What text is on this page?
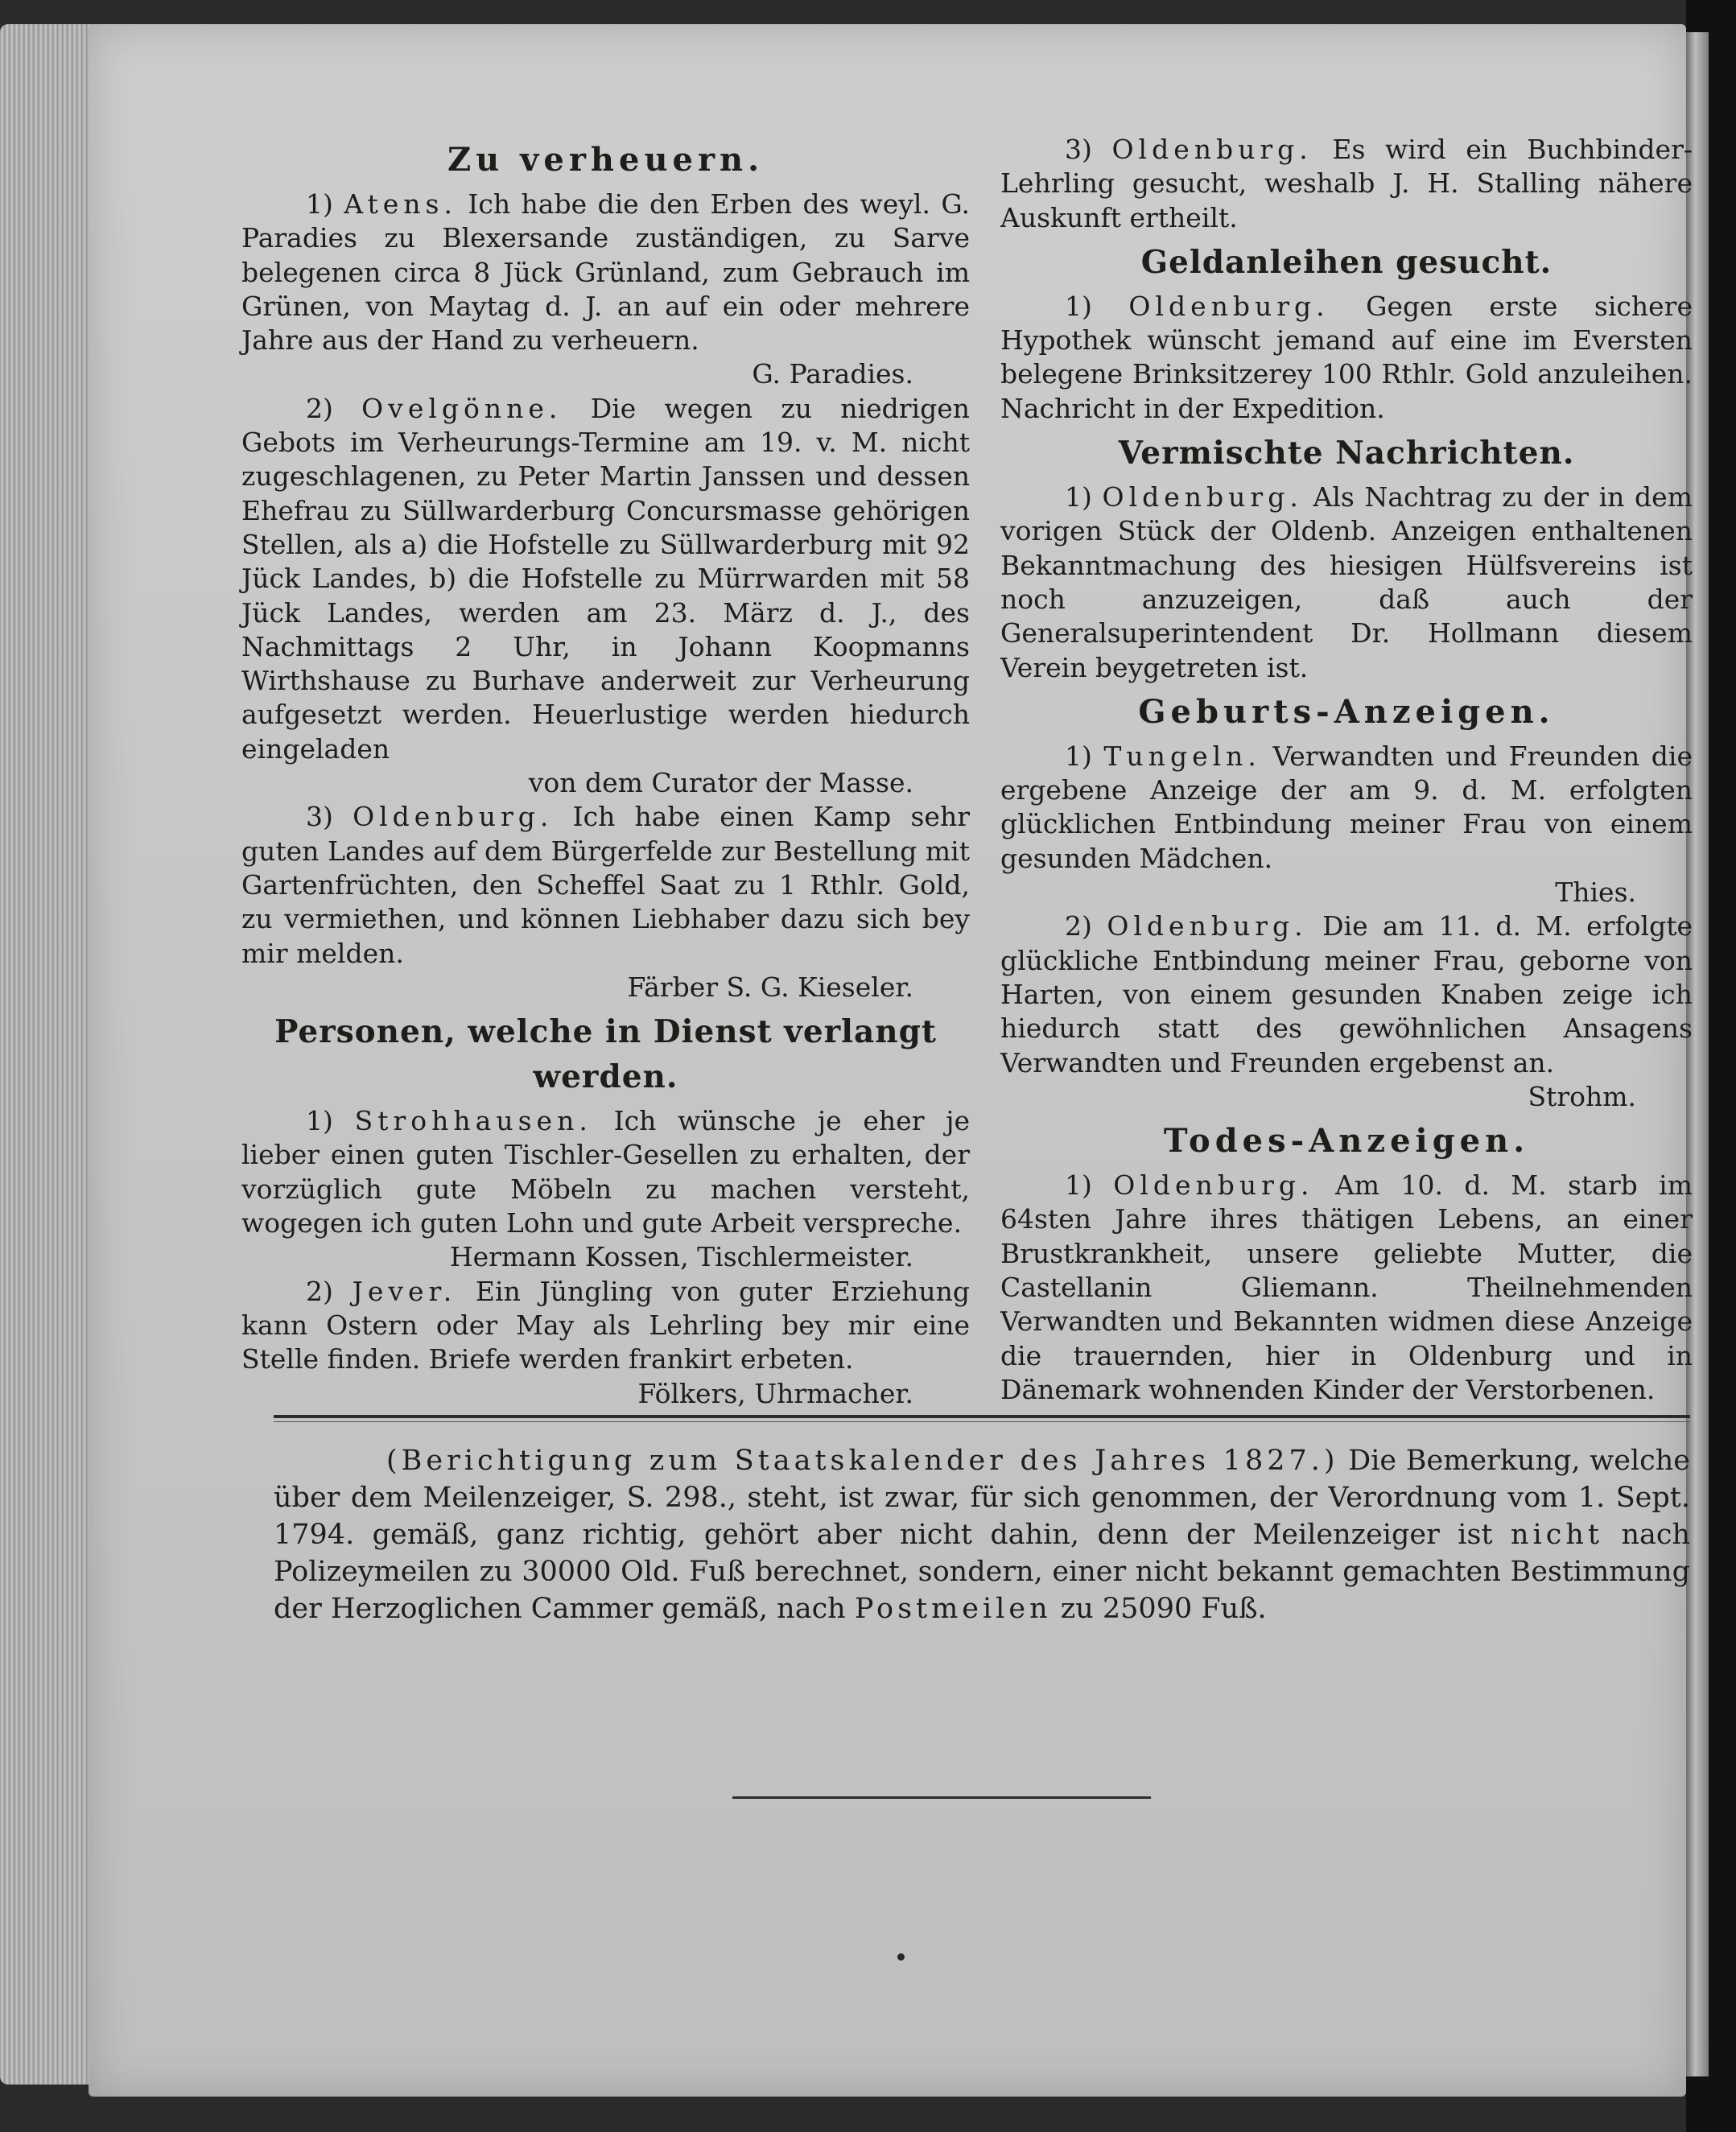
Zu verheuern.

1) Atens. Ich habe die den Erben des weyl. G. Paradies zu Blexersande zuständigen, zu Sarve belegenen circa 8 Jück Grünland, zum Gebrauch im Grünen, von Maytag d. J. an auf ein oder mehrere Jahre aus der Hand zu verheuern.
G. Paradies.

2) Ovelgönne. Die wegen zu niedrigen Gebots im Verheurungs-Termine am 19. v. M. nicht zugeschlagenen, zu Peter Martin Janssen und dessen Ehefrau zu Süllwarderburg Concursmasse gehörigen Stellen, als a) die Hofstelle zu Süllwarderburg mit 92 Jück Landes, b) die Hofstelle zu Mürrwarden mit 58 Jück Landes, werden am 23. März d. J., des Nachmittags 2 Uhr, in Johann Koopmanns Wirthshause zu Burhave anderweit zur Verheurung aufgesetzt werden. Heuerlustige werden hiedurch eingeladen
von dem Curator der Masse.

3) Oldenburg. Ich habe einen Kamp sehr guten Landes auf dem Bürgerfelde zur Bestellung mit Gartenfrüchten, den Scheffel Saat zu 1 Rthlr. Gold, zu vermiethen, und können Liebhaber dazu sich bey mir melden.
Färber S. G. Kieseler.

Personen, welche in Dienst verlangt werden.

1) Strohhausen. Ich wünsche je eher je lieber einen guten Tischler-Gesellen zu erhalten, der vorzüglich gute Möbeln zu machen versteht, wogegen ich guten Lohn und gute Arbeit verspreche.
Hermann Kossen, Tischlermeister.

2) Jever. Ein Jüngling von guter Erziehung kann Ostern oder May als Lehrling bey mir eine Stelle finden. Briefe werden frankirt erbeten.
Fölkers, Uhrmacher.

3) Oldenburg. Es wird ein Buchbinder-Lehrling gesucht, weshalb J. H. Stalling nähere Auskunft ertheilt.

Geldanleihen gesucht.

1) Oldenburg. Gegen erste sichere Hypothek wünscht jemand auf eine im Eversten belegene Brinksitzerey 100 Rthlr. Gold anzuleihen. Nachricht in der Expedition.

Vermischte Nachrichten.

1) Oldenburg. Als Nachtrag zu der in dem vorigen Stück der Oldenb. Anzeigen enthaltenen Bekanntmachung des hiesigen Hülfsvereins ist noch anzuzeigen, daß auch der Generalsuperintendent Dr. Hollmann diesem Verein beygetreten ist.

Geburts-Anzeigen.

1) Tungeln. Verwandten und Freunden die ergebene Anzeige der am 9. d. M. erfolgten glücklichen Entbindung meiner Frau von einem gesunden Mädchen.
Thies.

2) Oldenburg. Die am 11. d. M. erfolgte glückliche Entbindung meiner Frau, geborne von Harten, von einem gesunden Knaben zeige ich hiedurch statt des gewöhnlichen Ansagens Verwandten und Freunden ergebenst an.
Strohm.

Todes-Anzeigen.

1) Oldenburg. Am 10. d. M. starb im 64sten Jahre ihres thätigen Lebens, an einer Brustkrankheit, unsere geliebte Mutter, die Castellanin Gliemann. Theilnehmenden Verwandten und Bekannten widmen diese Anzeige die trauernden, hier in Oldenburg und in Dänemark wohnenden Kinder der Verstorbenen.

(Berichtigung zum Staatskalender des Jahres 1827.) Die Bemerkung, welche über dem Meilenzeiger, S. 298., steht, ist zwar, für sich genommen, der Verordnung vom 1. Sept. 1794. gemäß, ganz richtig, gehört aber nicht dahin, denn der Meilenzeiger ist nicht nach Polizeymeilen zu 30000 Old. Fuß berechnet, sondern, einer nicht bekannt gemachten Bestimmung der Herzoglichen Cammer gemäß, nach Postmeilen zu 25090 Fuß.
